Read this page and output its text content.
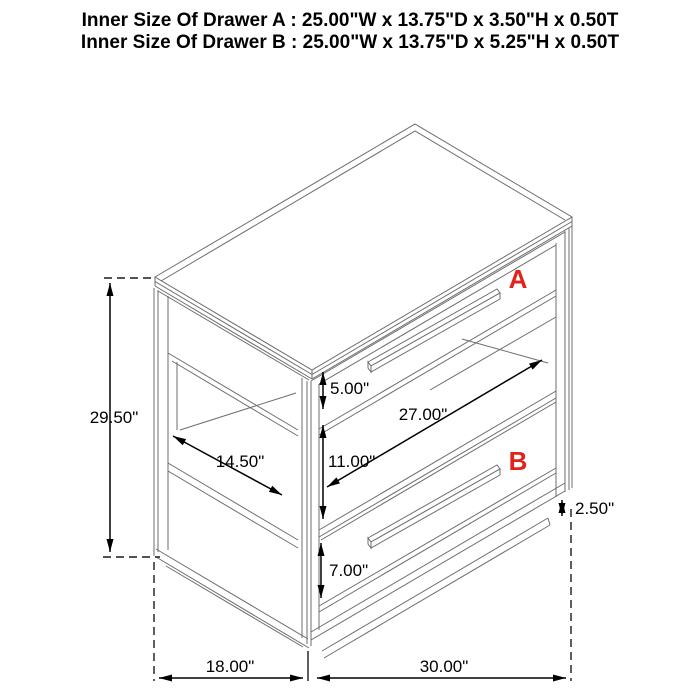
Inner Size Of Drawer A : 25.00"W x 13.75"D x 3.50"H x 0.50T
Inner Size Of Drawer B : 25.00"W x 13.75"D x 5.25"H x 0.50T
29.50"
14.50"
5.00"
27.00"
11.00"
7.00"
2.50"
18.00"	30.00"
A
B
